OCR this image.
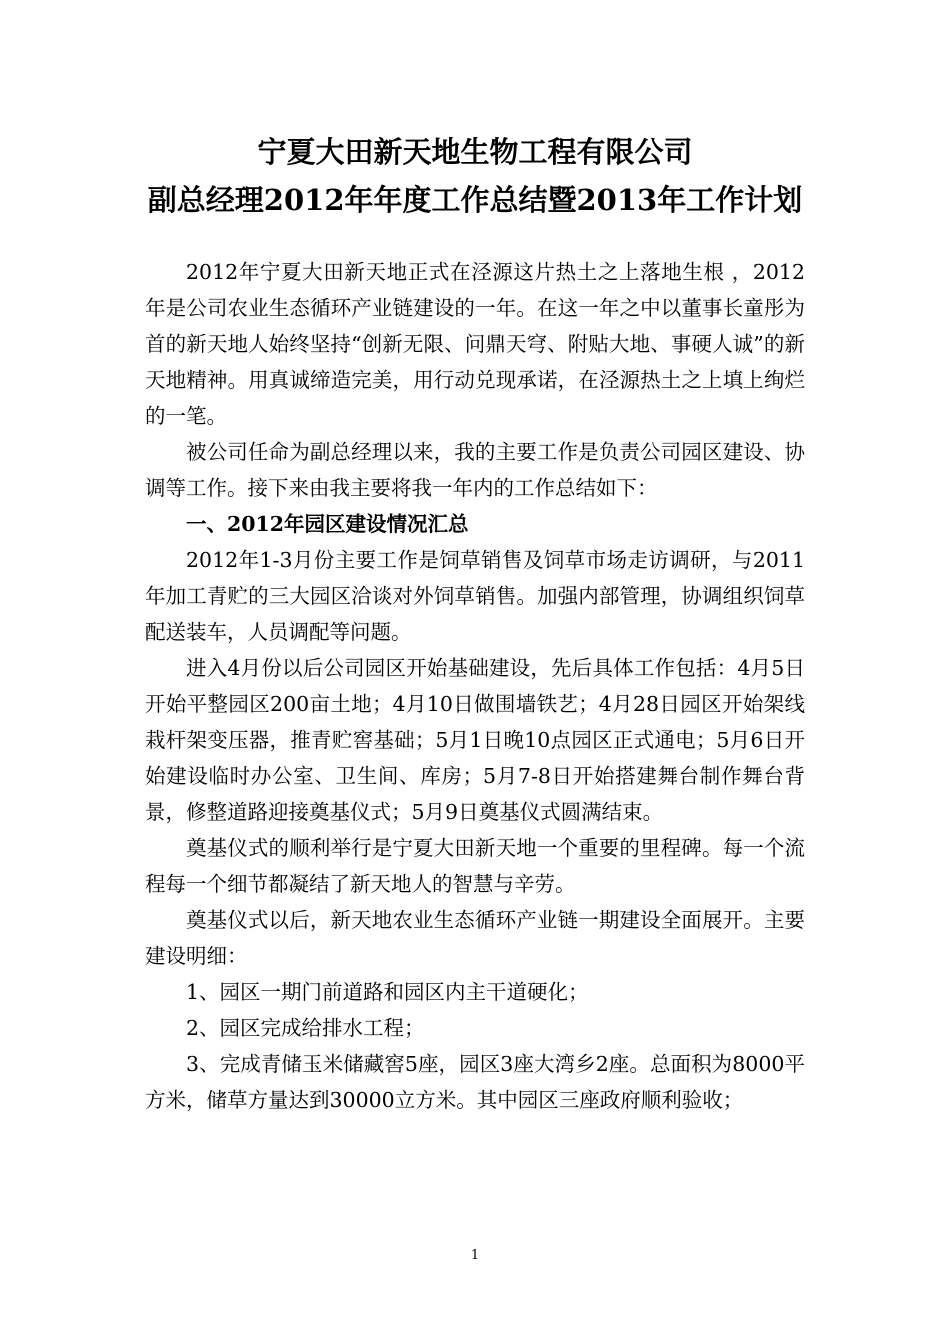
宁夏大田新天地生物工程有限公司
副总经理2012年年度工作总结暨2013年工作计划

2012年宁夏大田新天地正式在泾源这片热土之上落地生根 ，2012年是公司农业生态循环产业链建设的一年。在这一年之中以董事长童彤为首的新天地人始终坚持“创新无限、问鼎天穹、附贴大地、事硬人诚”的新天地精神。用真诚缔造完美，用行动兑现承诺，在泾源热土之上填上绚烂的一笔。

被公司任命为副总经理以来，我的主要工作是负责公司园区建设、协调等工作。接下来由我主要将我一年内的工作总结如下：

一、2012年园区建设情况汇总

2012年1-3月份主要工作是饲草销售及饲草市场走访调研，与2011年加工青贮的三大园区洽谈对外饲草销售。加强内部管理，协调组织饲草配送装车，人员调配等问题。

进入4月份以后公司园区开始基础建设，先后具体工作包括：4月5日开始平整园区200亩土地；4月10日做围墙铁艺；4月28日园区开始架线栽杆架变压器，推青贮窖基础；5月1日晚10点园区正式通电；5月6日开始建设临时办公室、卫生间、库房；5月7-8日开始搭建舞台制作舞台背景，修整道路迎接奠基仪式；5月9日奠基仪式圆满结束。

奠基仪式的顺利举行是宁夏大田新天地一个重要的里程碑。每一个流程每一个细节都凝结了新天地人的智慧与辛劳。

奠基仪式以后，新天地农业生态循环产业链一期建设全面展开。主要建设明细：

1、园区一期门前道路和园区内主干道硬化；

2、园区完成给排水工程；

3、完成青储玉米储藏窖5座，园区3座大湾乡2座。总面积为8000平方米，储草方量达到30000立方米。其中园区三座政府顺利验收；

1
